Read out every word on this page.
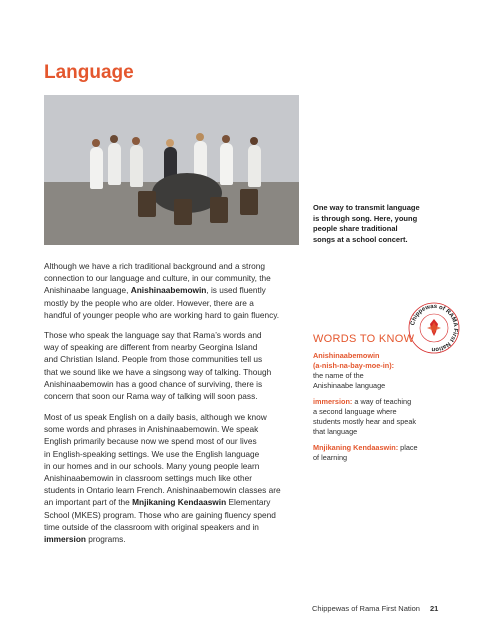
Language
One way to transmit language
is through song. Here, young
people share traditional
songs at a school concert.
Although we have a rich traditional background and a strong
connection to our language and culture, in our community, the
Anishinaabe language, Anishinaabemowin, is used fluently
mostly by the people who are older. However, there are a
handful of younger people who are working hard to gain fluency.
Those who speak the language say that Rama’s words and
way of speaking are different from nearby Georgina Island
and Christian Island. People from those communities tell us
that we sound like we have a singsong way of talking. Though
Anishinaabemowin has a good chance of surviving, there is
concern that soon our Rama way of talking will soon pass.
Most of us speak English on a daily basis, although we know
some words and phrases in Anishinaabemowin. We speak
English primarily because now we spend most of our lives
in English-speaking settings. We use the English language
in our homes and in our schools. Many young people learn
Anishinaabemowin in classroom settings much like other
students in Ontario learn French. Anishinaabemowin classes are
an important part of the Mnjikaning Kendaaswin Elementary
School (MKES) program. Those who are gaining fluency spend
time outside of the classroom with original speakers and in
immersion programs.
Chippewas of RAMA First Nation
WORDS TO KNOW
Anishinaabemowin
(a-nish-na-bay-moe-in):
the name of the
Anishinaabe language
immersion: a way of teaching
a second language where
students mostly hear and speak
that language
Mnjikaning Kendaaswin: place
of learning
Chippewas of Rama First Nation 21
